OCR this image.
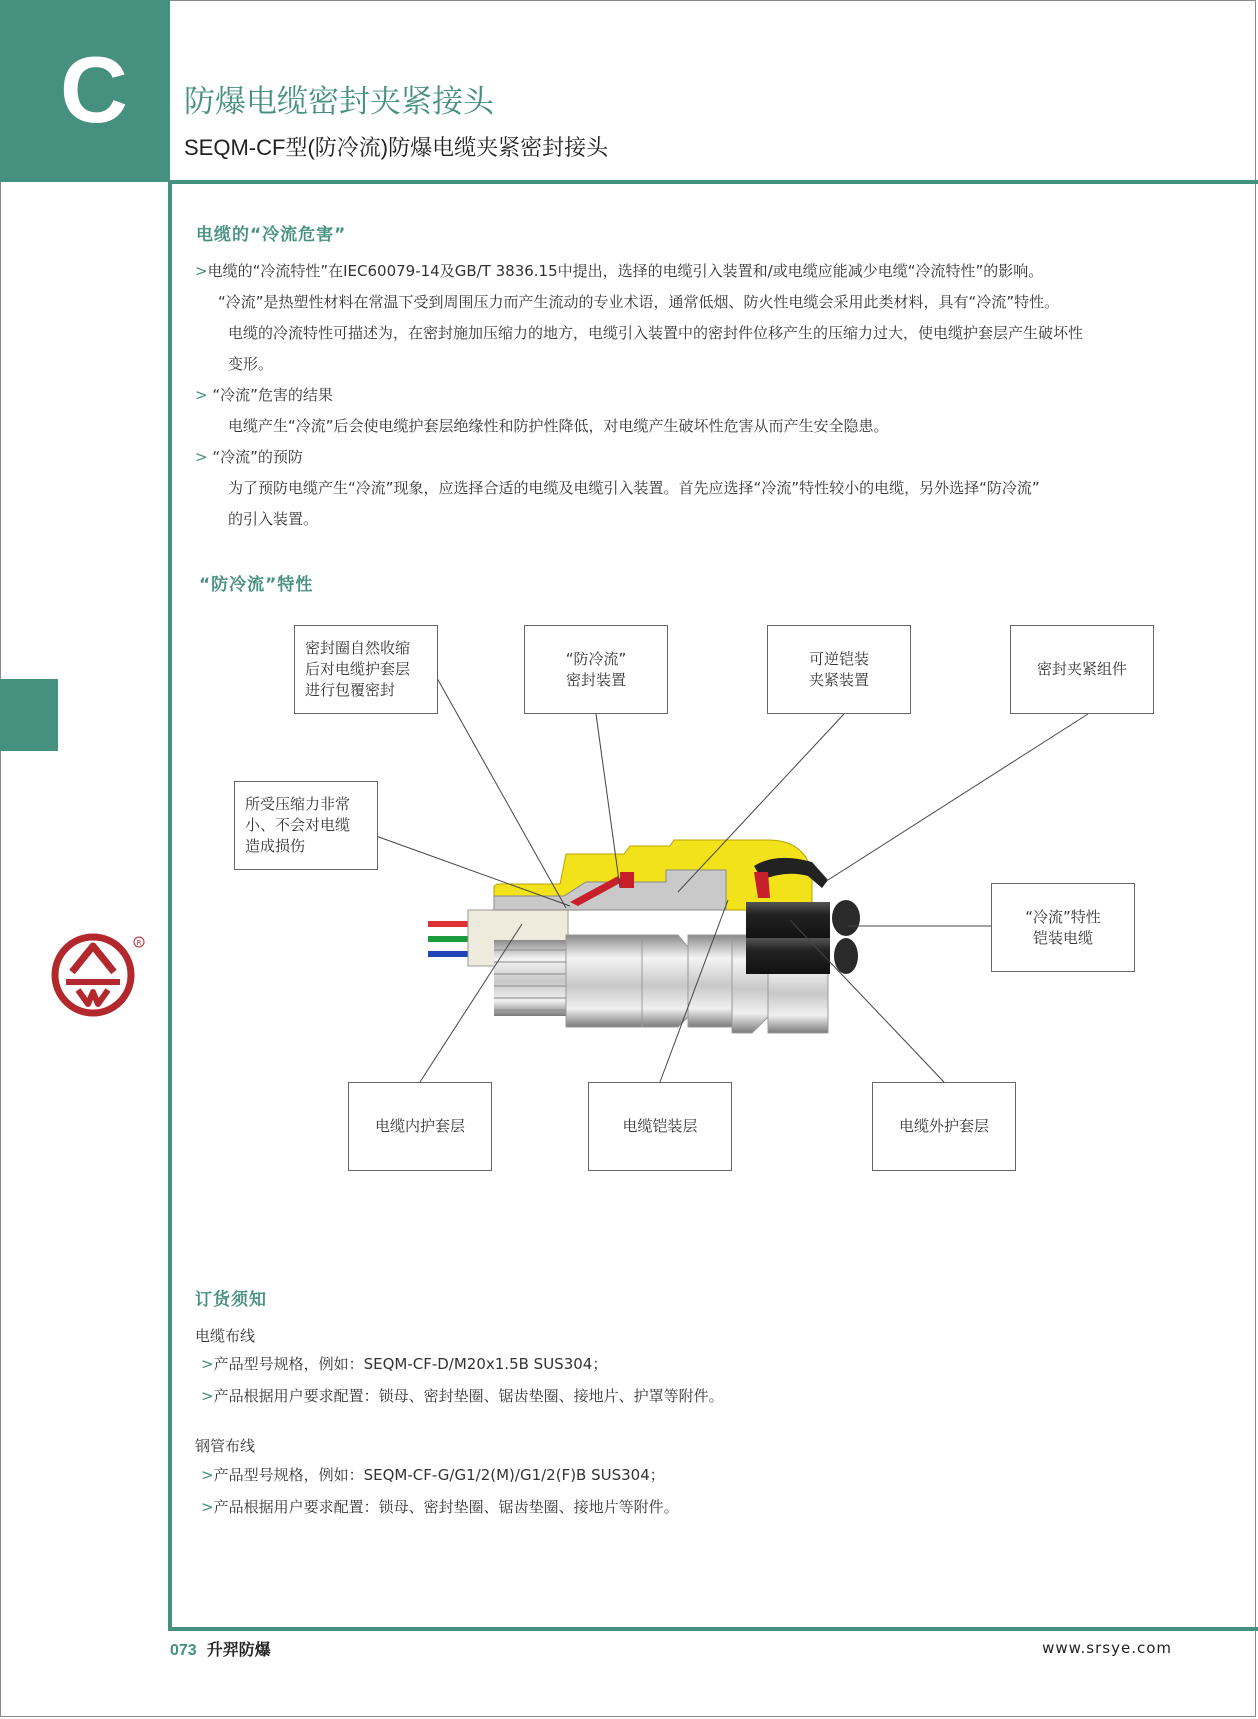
C
R
防爆电缆密封夹紧接头
SEQM-CF型(防冷流)防爆电缆夹紧密封接头
电缆的“冷流危害”
>电缆的“冷流特性”在IEC60079-14及GB/T 3836.15中提出，选择的电缆引入装置和/或电缆应能减少电缆“冷流特性”的影响。
“冷流”是热塑性材料在常温下受到周围压力而产生流动的专业术语，通常低烟、防火性电缆会采用此类材料，具有“冷流”特性。
电缆的冷流特性可描述为，在密封施加压缩力的地方，电缆引入装置中的密封件位移产生的压缩力过大，使电缆护套层产生破坏性
变形。
> “冷流”危害的结果
电缆产生“冷流”后会使电缆护套层绝缘性和防护性降低，对电缆产生破坏性危害从而产生安全隐患。
> “冷流”的预防
为了预防电缆产生“冷流”现象，应选择合适的电缆及电缆引入装置。首先应选择“冷流”特性较小的电缆，另外选择“防冷流”
的引入装置。
“防冷流”特性
密封圈自然收缩
后对电缆护套层
进行包覆密封
“防冷流”
密封装置
可逆铠装
夹紧装置
密封夹紧组件
所受压缩力非常
小、不会对电缆
造成损伤
“冷流”特性
铠装电缆
电缆内护套层	电缆铠装层	电缆外护套层
订货须知
电缆布线
>产品型号规格，例如：SEQM-CF-D/M20x1.5B SUS304；
>产品根据用户要求配置：锁母、密封垫圈、锯齿垫圈、接地片、护罩等附件。
钢管布线
>产品型号规格，例如：SEQM-CF-G/G1/2(M)/G1/2(F)B SUS304；
>产品根据用户要求配置：锁母、密封垫圈、锯齿垫圈、接地片等附件。
073 升羿防爆	www.srsye.com
